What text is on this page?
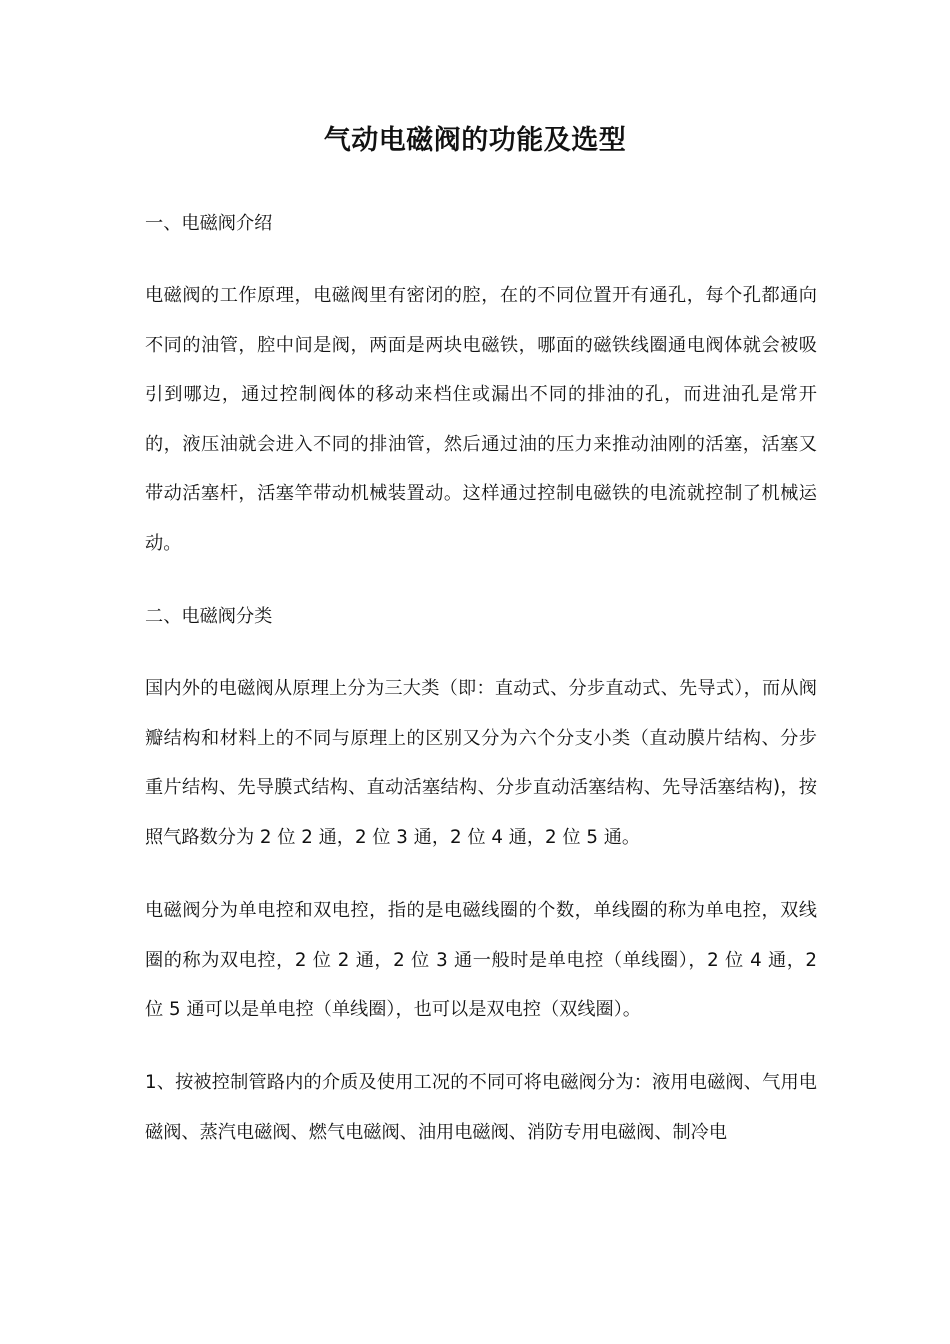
气动电磁阀的功能及选型

一、电磁阀介绍

电磁阀的工作原理，电磁阀里有密闭的腔，在的不同位置开有通孔，每个孔都通向不同的油管，腔中间是阀，两面是两块电磁铁，哪面的磁铁线圈通电阀体就会被吸引到哪边，通过控制阀体的移动来档住或漏出不同的排油的孔，而进油孔是常开的，液压油就会进入不同的排油管，然后通过油的压力来推动油刚的活塞，活塞又带动活塞杆，活塞竿带动机械装置动。这样通过控制电磁铁的电流就控制了机械运动。

二、电磁阀分类

国内外的电磁阀从原理上分为三大类（即：直动式、分步直动式、先导式），而从阀瓣结构和材料上的不同与原理上的区别又分为六个分支小类（直动膜片结构、分步重片结构、先导膜式结构、直动活塞结构、分步直动活塞结构、先导活塞结构)，按照气路数分为 2 位 2 通，2 位 3 通，2 位 4 通，2 位 5 通。

电磁阀分为单电控和双电控，指的是电磁线圈的个数，单线圈的称为单电控，双线圈的称为双电控，2 位 2 通，2 位 3 通一般时是单电控（单线圈），2 位 4 通，2 位 5 通可以是单电控（单线圈），也可以是双电控（双线圈）。

1、按被控制管路内的介质及使用工况的不同可将电磁阀分为：液用电磁阀、气用电磁阀、蒸汽电磁阀、燃气电磁阀、油用电磁阀、消防专用电磁阀、制冷电
